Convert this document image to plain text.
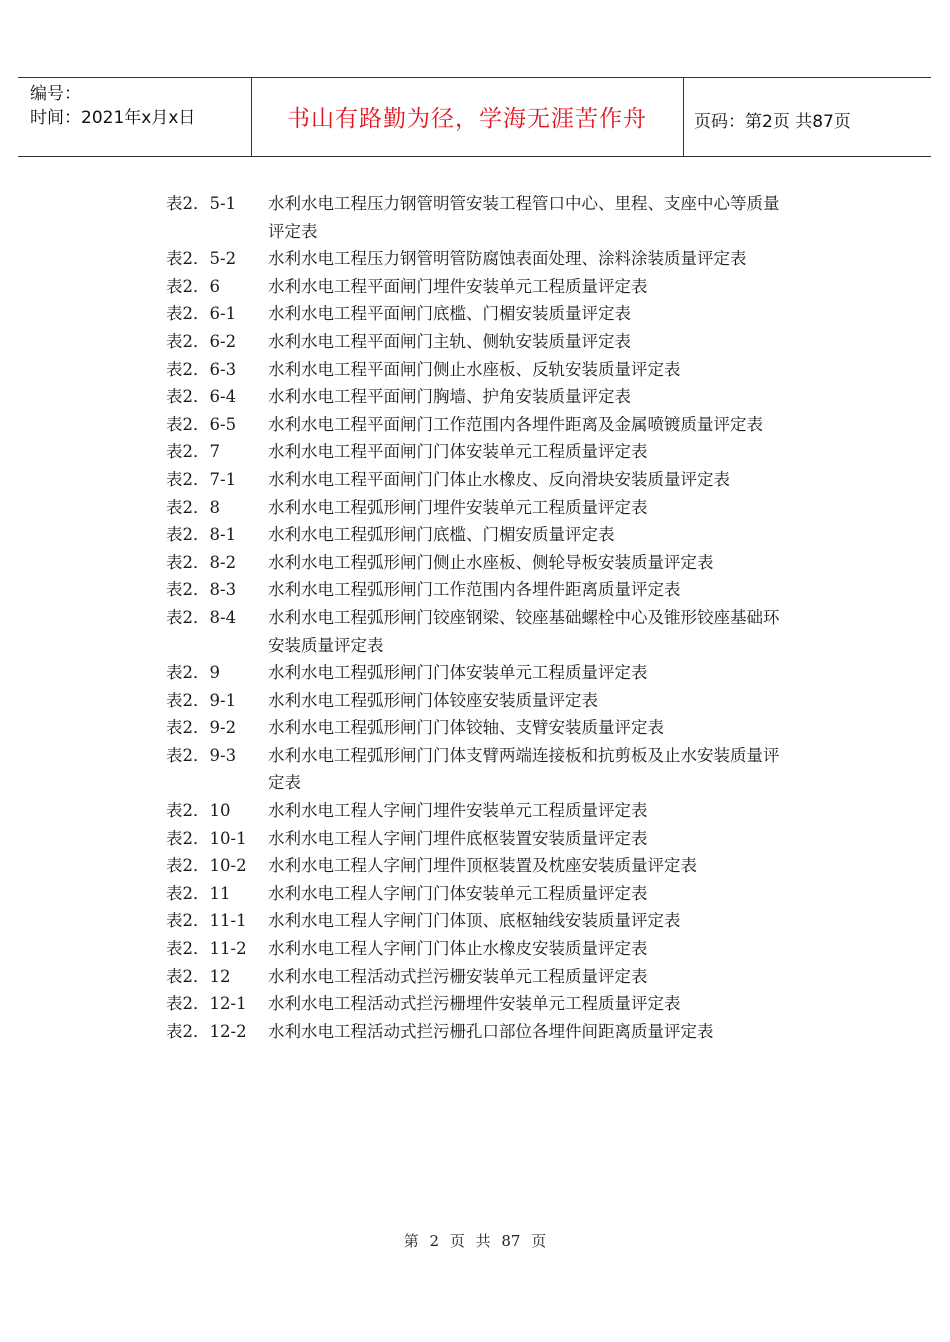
编号：
时间：2021年x月x日	书山有路勤为径，学海无涯苦作舟	页码：第2页 共87页
表2．5-1	水利水电工程压力钢管明管安装工程管口中心、里程、支座中心等质量评定表
表2．5-2	水利水电工程压力钢管明管防腐蚀表面处理、涂料涂装质量评定表
表2．6	水利水电工程平面闸门埋件安装单元工程质量评定表
表2．6-1	水利水电工程平面闸门底槛、门楣安装质量评定表
表2．6-2	水利水电工程平面闸门主轨、侧轨安装质量评定表
表2．6-3	水利水电工程平面闸门侧止水座板、反轨安装质量评定表
表2．6-4	水利水电工程平面闸门胸墙、护角安装质量评定表
表2．6-5	水利水电工程平面闸门工作范围内各埋件距离及金属喷镀质量评定表
表2．7	水利水电工程平面闸门门体安装单元工程质量评定表
表2．7-1	水利水电工程平面闸门门体止水橡皮、反向滑块安装质量评定表
表2．8	水利水电工程弧形闸门埋件安装单元工程质量评定表
表2．8-1	水利水电工程弧形闸门底槛、门楣安质量评定表
表2．8-2	水利水电工程弧形闸门侧止水座板、侧轮导板安装质量评定表
表2．8-3	水利水电工程弧形闸门工作范围内各埋件距离质量评定表
表2．8-4	水利水电工程弧形闸门铰座钢梁、铰座基础螺栓中心及锥形铰座基础环安装质量评定表
表2．9	水利水电工程弧形闸门门体安装单元工程质量评定表
表2．9-1	水利水电工程弧形闸门体铰座安装质量评定表
表2．9-2	水利水电工程弧形闸门门体铰轴、支臂安装质量评定表
表2．9-3	水利水电工程弧形闸门门体支臂两端连接板和抗剪板及止水安装质量评定表
表2．10	水利水电工程人字闸门埋件安装单元工程质量评定表
表2．10-1	水利水电工程人字闸门埋件底枢装置安装质量评定表
表2．10-2	水利水电工程人字闸门埋件顶枢装置及枕座安装质量评定表
表2．11	水利水电工程人字闸门门体安装单元工程质量评定表
表2．11-1	水利水电工程人字闸门门体顶、底枢轴线安装质量评定表
表2．11-2	水利水电工程人字闸门门体止水橡皮安装质量评定表
表2．12	水利水电工程活动式拦污栅安装单元工程质量评定表
表2．12-1	水利水电工程活动式拦污栅埋件安装单元工程质量评定表
表2．12-2	水利水电工程活动式拦污栅孔口部位各埋件间距离质量评定表
第 2 页 共 87 页
